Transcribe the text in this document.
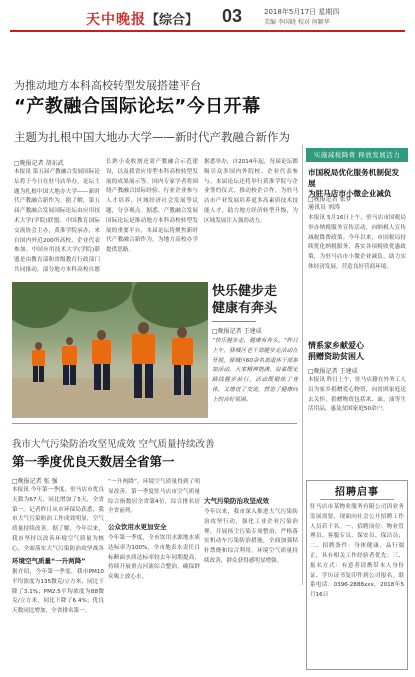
天中晚报 【综合】 03	2018年5月17日 星期四
美编 李国晓 校对 何颖华
为推动地方本科高校转型发展搭建平台
“产教融合国际论坛”今日开幕
主题为扎根中国大地办大学——新时代产教融合新作为
□晚报记者 胡东武
本报讯 第五届产教融合发展国际论坛将于今日在驻马店举办，论坛主题为扎根中国大地办大学——新时代产教融合新作为。据了解，第五届产教融合发展国际论坛由应用技术大学(学院)联盟、中国教育国际交流协会主办，黄淮学院承办，来自国内外近200所高校、企业代表参加。中国应用技术大学(学院)联盟是由教育部和省级教育行政部门共同推动，部分地方本科高校自愿
长熟小麦收割还需产教融合示范建设，以及我省应用型本科高校转型发展的成果展示等。国内专家学者将围绕产教融合国际经验、行业企业参与人才培养、区域经济社会发展等议题，分享观点。据悉，产教融合发展国际论坛是推动地方本科高校转型发展的重要平台，本届论坛将聚焦新时代产教融合新作为，为地方高校办学提供思路。
据悉举办，自2014年起，每届论坛都吸引众多国内外院校、企业代表参与。本届论坛还将举行黄淮学院与企业签约仪式，推动校企合作，为驻马店市产业发展培养更多高素质技术技能人才，助力地方经济转型升级，为区域发展注入强劲动力。
快乐健步走
健康有奔头
□晚报记者 王建成
“快乐健步走，健康有奔头。”昨日上午，驿城区老干部健步走活动在开展，驿城区60余名离退休干部参加活动。大家精神饱满，沿着既定路线健步前行，活动既锻炼了身体，又增进了交流，营造了健康向上的良好氛围。
我市大气污染防治攻坚见成效 空气质量持续改善
第一季度优良天数居全省第一
□晚报记者 张 强
本报讯 今年第一季度，驻马店市优良天数为67天，同比增加了5天，全省第一。记者昨日从市环保局获悉，我市大气污染防治工作成效明显，空气质量持续改善。据了解，今年以来，我市坚持以改善环境空气质量为核心，全面落实大气污染防治攻坚战各
环境空气质量“一升两降”
据介绍，今年第一季度，我市PM10平均浓度为135微克/立方米，同比下降了3.1%；PM2.5平均浓度为88微克/立方米，同比下降了6.4%；优良天数同比增加，全省排名第一。
“一升两降”，环境空气质量得到了明显改善。第一季度驻马店市空气质量综合指数居全省第4位，综合排名居全省前列。
公众饮用水更加安全
今年第一季度，全市饮用水源地水质达标率为100%，全市地表水责任目标断面水质达标率较去年同期提高，持续开展重点河流综合整治，确保群众喝上放心水。
大气污染防治攻坚成效
今年以来，我市深入推进大气污染防治攻坚行动，强化工业企业污染治理，开展扬尘污染专项整治，严格落实机动车污染防治措施，全面加强秸秆禁烧和综合利用，环境空气质量持续改善，群众获得感明显增强。
实施减税降费 释放发展活力
市国税局优化服务机制促发展
为驻马店市小微企业减负
□晚报记者 张梦
通讯员 刘涛
本报讯 5月16日上午，驻马店市国税局举办纳税服务宣传活动，向纳税人宣传减税降费政策。今年以来，市国税局持续优化纳税服务，落实各项税收优惠政策，为驻马店市小微企业减负，助力实体经济发展，营造良好营商环境。
情系家乡献爱心
捐赠资助贫困人
□晚报记者 王建成
本报讯 昨日上午，驻马店籍在外务工人员为家乡捐赠爱心物资，向贫困家庭送去关怀。捐赠物资包括米、面、油等生活用品，惠及贫困家庭50余户。
招聘启事
驻马店市某物业服务有限公司因业务发展需要，现面向社会公开招聘工作人员若干名。一、招聘岗位：物业管理员、客服专员、保安员、保洁员；二、招聘条件：身体健康，品行端正，具有相关工作经验者优先；三、报名方式：有意者请携带本人身份证、学历证书复印件到公司报名。联系电话：0396-2888xxx。2018年5月16日
